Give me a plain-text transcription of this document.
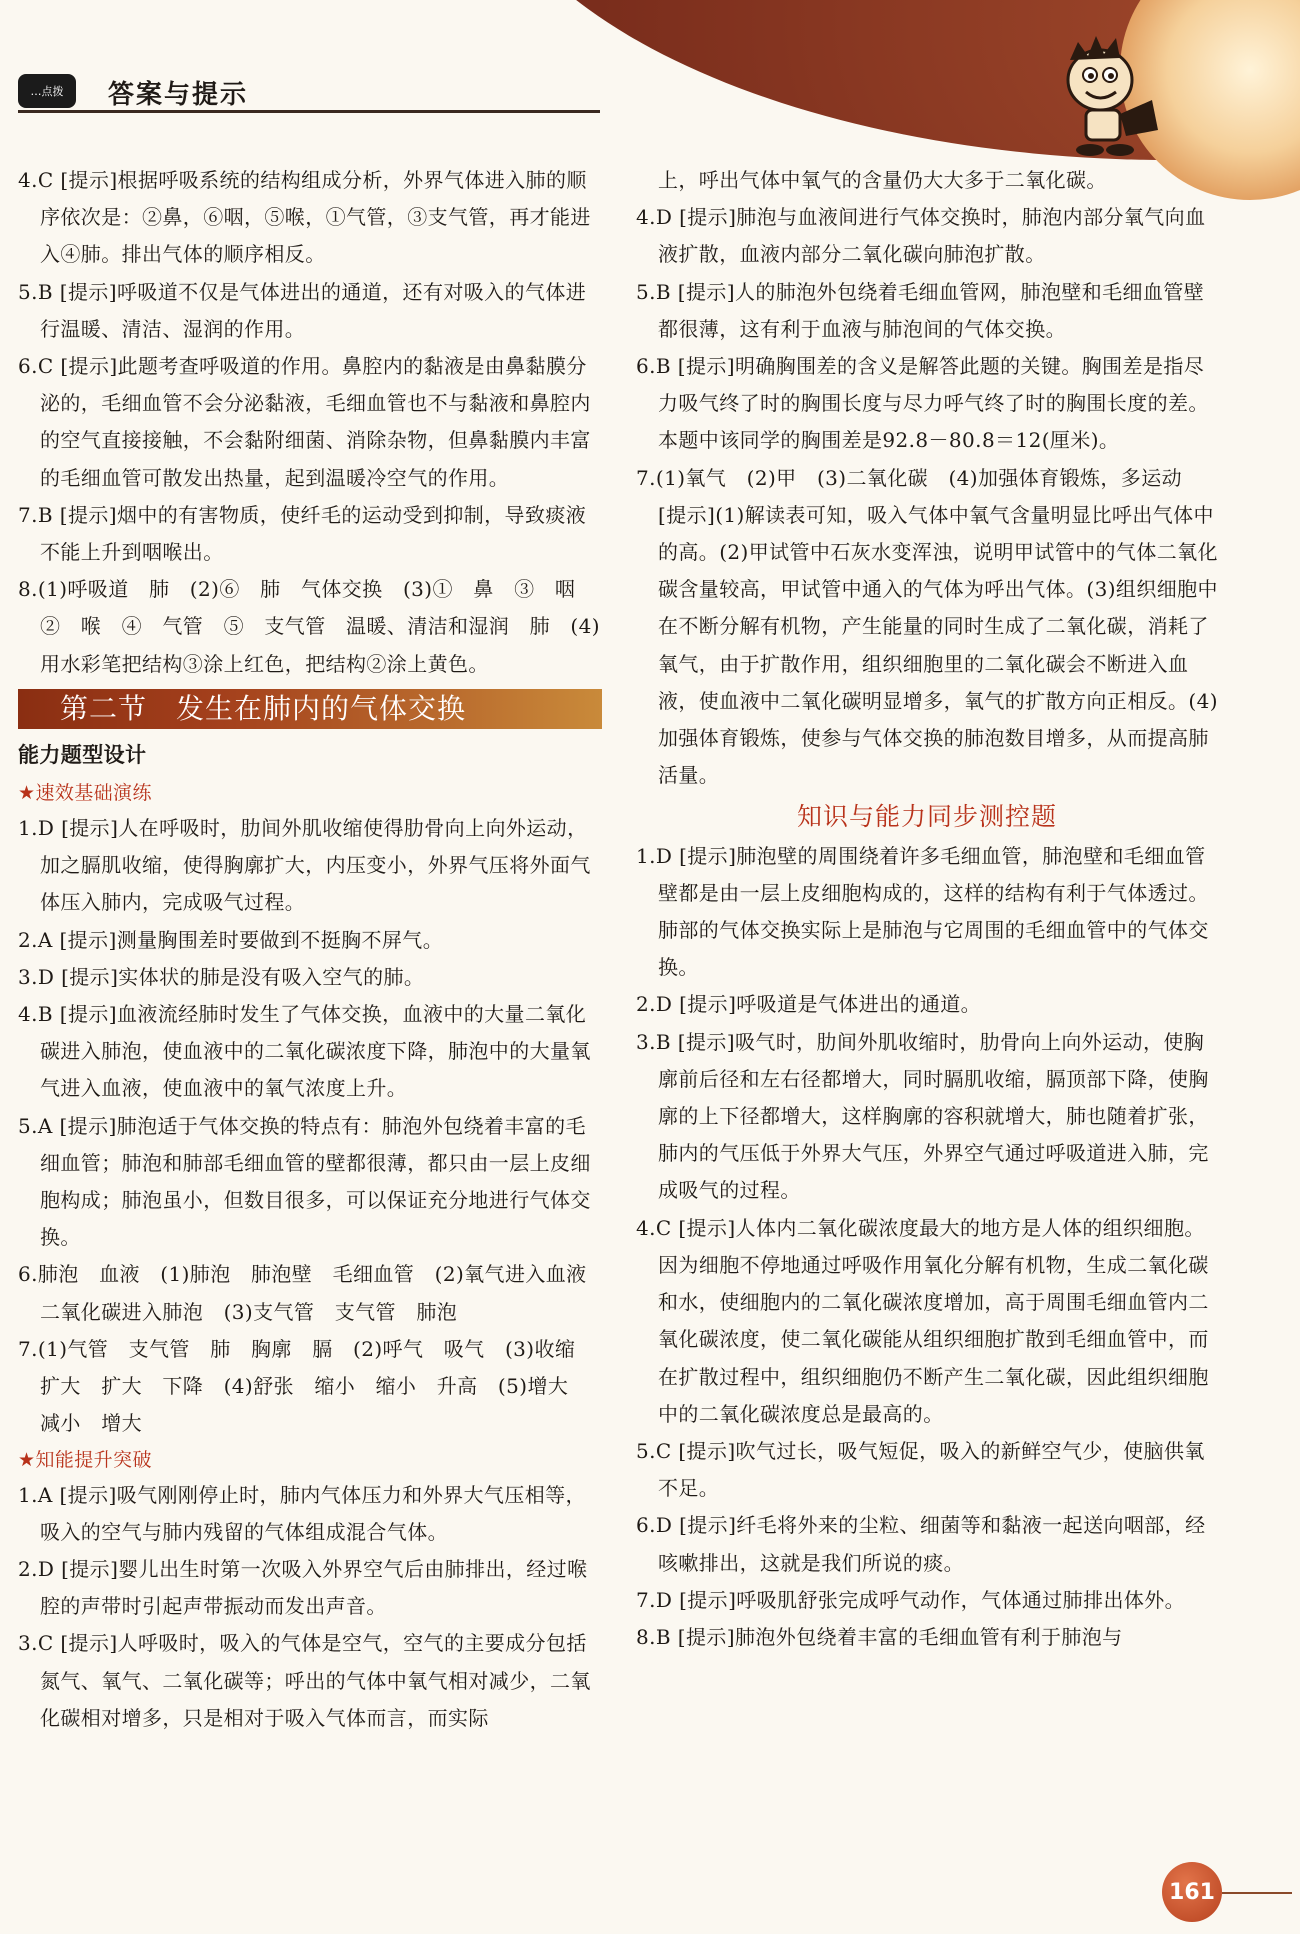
…点拨	答案与提示

4.C [提示]根据呼吸系统的结构组成分析，外界气体进入肺的顺序依次是：②鼻，⑥咽，⑤喉，①气管，③支气管，再才能进入④肺。排出气体的顺序相反。

5.B [提示]呼吸道不仅是气体进出的通道，还有对吸入的气体进行温暖、清洁、湿润的作用。

6.C [提示]此题考查呼吸道的作用。鼻腔内的黏液是由鼻黏膜分泌的，毛细血管不会分泌黏液，毛细血管也不与黏液和鼻腔内的空气直接接触，不会黏附细菌、消除杂物，但鼻黏膜内丰富的毛细血管可散发出热量，起到温暖冷空气的作用。

7.B [提示]烟中的有害物质，使纤毛的运动受到抑制，导致痰液不能上升到咽喉出。

8.(1)呼吸道　肺　(2)⑥　肺　气体交换　(3)①　鼻　③　咽　②　喉　④　气管　⑤　支气管　温暖、清洁和湿润　肺　(4)用水彩笔把结构③涂上红色，把结构②涂上黄色。

第二节　发生在肺内的气体交换
能力题型设计

★速效基础演练

1.D [提示]人在呼吸时，肋间外肌收缩使得肋骨向上向外运动，加之膈肌收缩，使得胸廓扩大，内压变小，外界气压将外面气体压入肺内，完成吸气过程。

2.A [提示]测量胸围差时要做到不挺胸不屏气。

3.D [提示]实体状的肺是没有吸入空气的肺。

4.B [提示]血液流经肺时发生了气体交换，血液中的大量二氧化碳进入肺泡，使血液中的二氧化碳浓度下降，肺泡中的大量氧气进入血液，使血液中的氧气浓度上升。

5.A [提示]肺泡适于气体交换的特点有：肺泡外包绕着丰富的毛细血管；肺泡和肺部毛细血管的壁都很薄，都只由一层上皮细胞构成；肺泡虽小，但数目很多，可以保证充分地进行气体交换。

6.肺泡　血液　(1)肺泡　肺泡壁　毛细血管　(2)氧气进入血液　二氧化碳进入肺泡　(3)支气管　支气管　肺泡

7.(1)气管　支气管　肺　胸廓　膈　(2)呼气　吸气　(3)收缩　扩大　扩大　下降　(4)舒张　缩小　缩小　升高　(5)增大　减小　增大

★知能提升突破

1.A [提示]吸气刚刚停止时，肺内气体压力和外界大气压相等，吸入的空气与肺内残留的气体组成混合气体。

2.D [提示]婴儿出生时第一次吸入外界空气后由肺排出，经过喉腔的声带时引起声带振动而发出声音。

3.C [提示]人呼吸时，吸入的气体是空气，空气的主要成分包括氮气、氧气、二氧化碳等；呼出的气体中氧气相对减少，二氧化碳相对增多，只是相对于吸入气体而言，而实际

上，呼出气体中氧气的含量仍大大多于二氧化碳。

4.D [提示]肺泡与血液间进行气体交换时，肺泡内部分氧气向血液扩散，血液内部分二氧化碳向肺泡扩散。

5.B [提示]人的肺泡外包绕着毛细血管网，肺泡壁和毛细血管壁都很薄，这有利于血液与肺泡间的气体交换。

6.B [提示]明确胸围差的含义是解答此题的关键。胸围差是指尽力吸气终了时的胸围长度与尽力呼气终了时的胸围长度的差。本题中该同学的胸围差是92.8－80.8＝12(厘米)。

7.(1)氧气　(2)甲　(3)二氧化碳　(4)加强体育锻炼，多运动

[提示](1)解读表可知，吸入气体中氧气含量明显比呼出气体中的高。(2)甲试管中石灰水变浑浊，说明甲试管中的气体二氧化碳含量较高，甲试管中通入的气体为呼出气体。(3)组织细胞中在不断分解有机物，产生能量的同时生成了二氧化碳，消耗了氧气，由于扩散作用，组织细胞里的二氧化碳会不断进入血液，使血液中二氧化碳明显增多，氧气的扩散方向正相反。(4)加强体育锻炼，使参与气体交换的肺泡数目增多，从而提高肺活量。

知识与能力同步测控题

1.D [提示]肺泡壁的周围绕着许多毛细血管，肺泡壁和毛细血管壁都是由一层上皮细胞构成的，这样的结构有利于气体透过。肺部的气体交换实际上是肺泡与它周围的毛细血管中的气体交换。

2.D [提示]呼吸道是气体进出的通道。

3.B [提示]吸气时，肋间外肌收缩时，肋骨向上向外运动，使胸廓前后径和左右径都增大，同时膈肌收缩，膈顶部下降，使胸廓的上下径都增大，这样胸廓的容积就增大，肺也随着扩张，肺内的气压低于外界大气压，外界空气通过呼吸道进入肺，完成吸气的过程。

4.C [提示]人体内二氧化碳浓度最大的地方是人体的组织细胞。因为细胞不停地通过呼吸作用氧化分解有机物，生成二氧化碳和水，使细胞内的二氧化碳浓度增加，高于周围毛细血管内二氧化碳浓度，使二氧化碳能从组织细胞扩散到毛细血管中，而在扩散过程中，组织细胞仍不断产生二氧化碳，因此组织细胞中的二氧化碳浓度总是最高的。

5.C [提示]吹气过长，吸气短促，吸入的新鲜空气少，使脑供氧不足。

6.D [提示]纤毛将外来的尘粒、细菌等和黏液一起送向咽部，经咳嗽排出，这就是我们所说的痰。

7.D [提示]呼吸肌舒张完成呼气动作，气体通过肺排出体外。

8.B [提示]肺泡外包绕着丰富的毛细血管有利于肺泡与

161
